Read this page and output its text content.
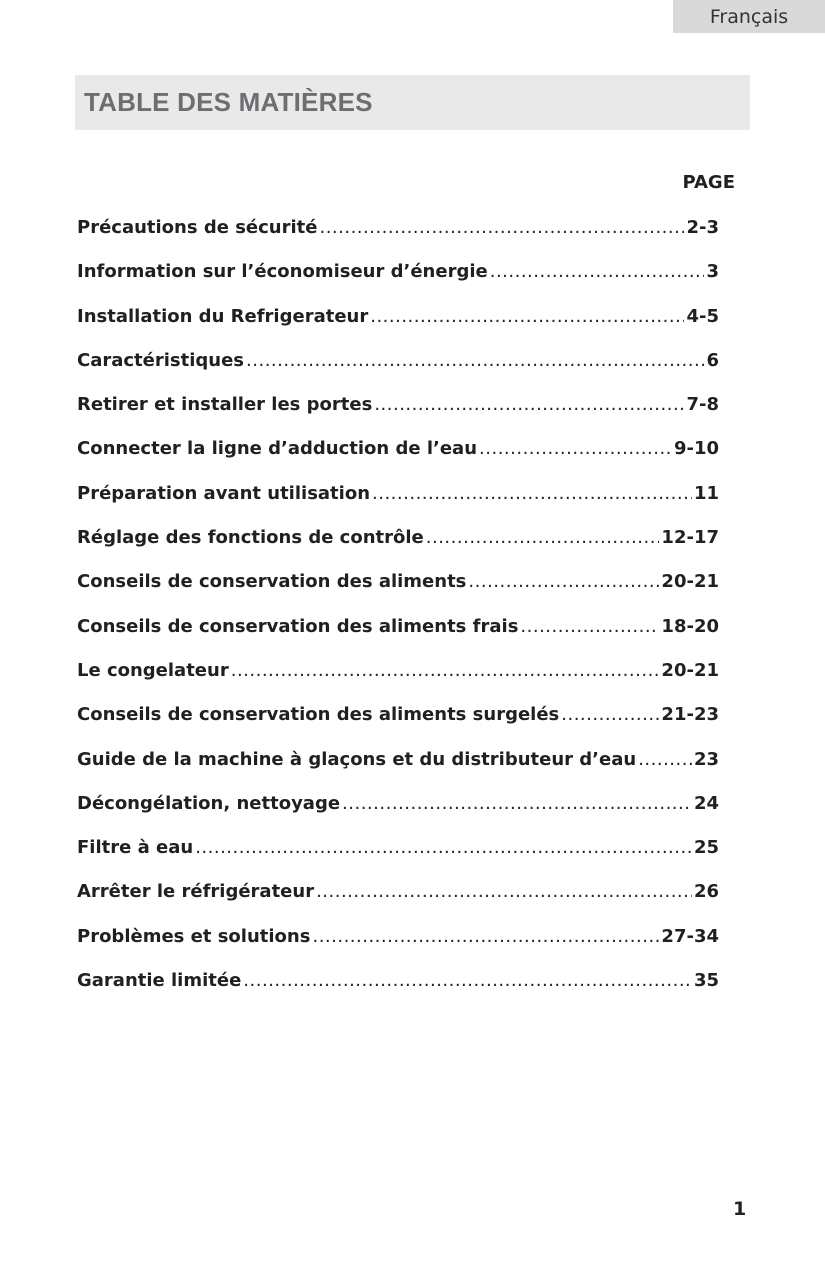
Français
TABLE DES MATIÈRES
PAGE
Précautions de sécurité .....	2-3
Information sur l’économiseur d’énergie .....	3
Installation du Refrigerateur .....	4-5
Caractéristiques .....	6
Retirer et installer les portes .....	7-8
Connecter la ligne d’adduction de l’eau .....	9-10
Préparation avant utilisation .....	11
Réglage des fonctions de contrôle .....	12-17
Conseils de conservation des aliments .....	20-21
Conseils de conservation des aliments frais .....	18-20
Le congelateur .....	20-21
Conseils de conservation des aliments surgelés .....	21-23
Guide de la machine à glaçons et du distributeur d’eau .....	23
Décongélation, nettoyage .....	24
Filtre à eau .....	25
Arrêter le réfrigérateur .....	26
Problèmes et solutions .....	27-34
Garantie limitée .....	35
1
